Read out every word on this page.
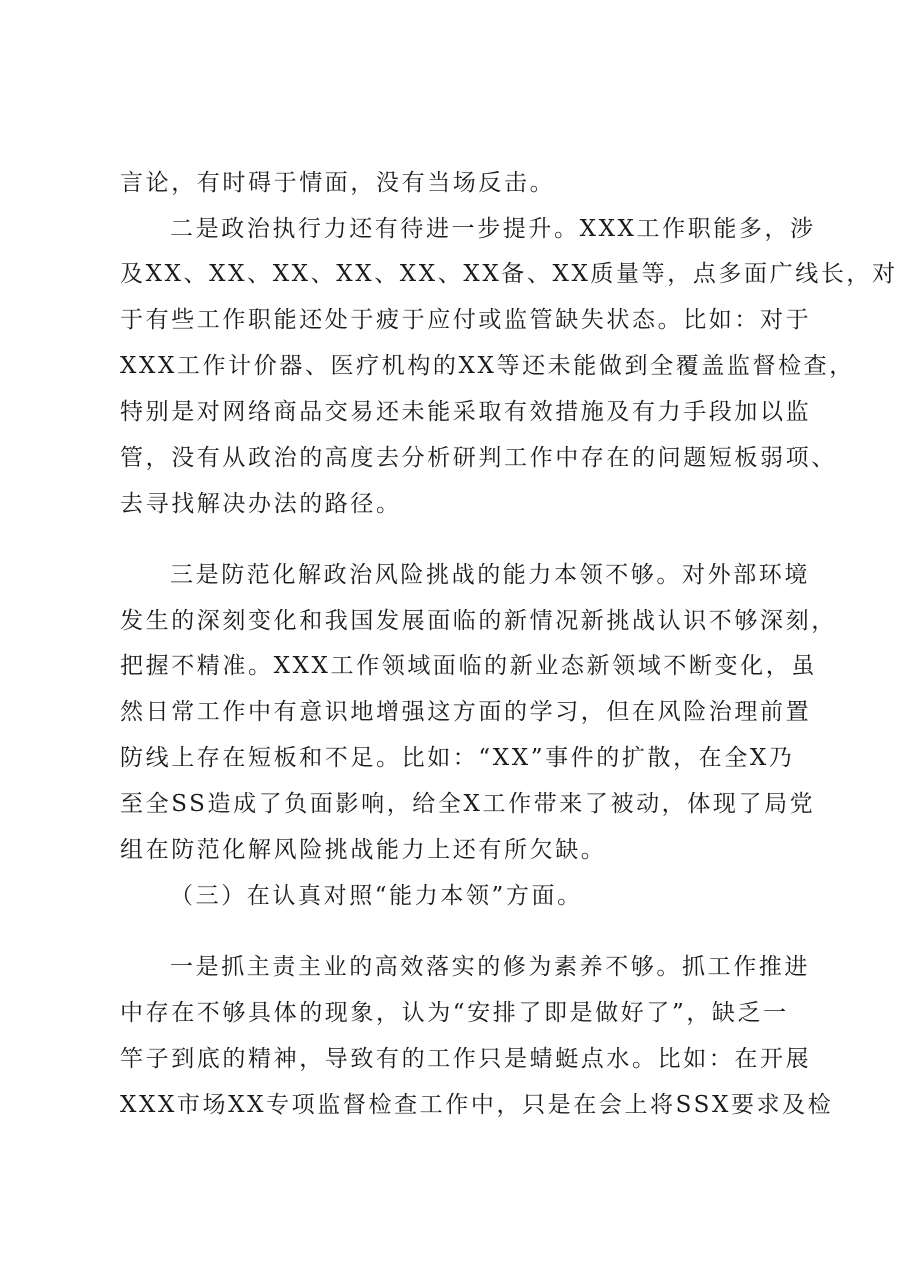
言论，有时碍于情面，没有当场反击。
二是政治执行力还有待进一步提升。XXX工作职能多，涉
及XX、XX、XX、XX、XX、XX备、XX质量等，点多面广线长，对
于有些工作职能还处于疲于应付或监管缺失状态。比如：对于
XXX工作计价器、医疗机构的XX等还未能做到全覆盖监督检查，
特别是对网络商品交易还未能采取有效措施及有力手段加以监
管，没有从政治的高度去分析研判工作中存在的问题短板弱项、
去寻找解决办法的路径。
三是防范化解政治风险挑战的能力本领不够。对外部环境
发生的深刻变化和我国发展面临的新情况新挑战认识不够深刻，
把握不精准。XXX工作领域面临的新业态新领域不断变化，虽
然日常工作中有意识地增强这方面的学习，但在风险治理前置
防线上存在短板和不足。比如：“XX”事件的扩散，在全X乃
至全SS造成了负面影响，给全X工作带来了被动，体现了局党
组在防范化解风险挑战能力上还有所欠缺。
（三）在认真对照“能力本领”方面。
一是抓主责主业的高效落实的修为素养不够。抓工作推进
中存在不够具体的现象，认为“安排了即是做好了”，缺乏一
竿子到底的精神，导致有的工作只是蜻蜓点水。比如：在开展
XXX市场XX专项监督检查工作中，只是在会上将SSX要求及检
